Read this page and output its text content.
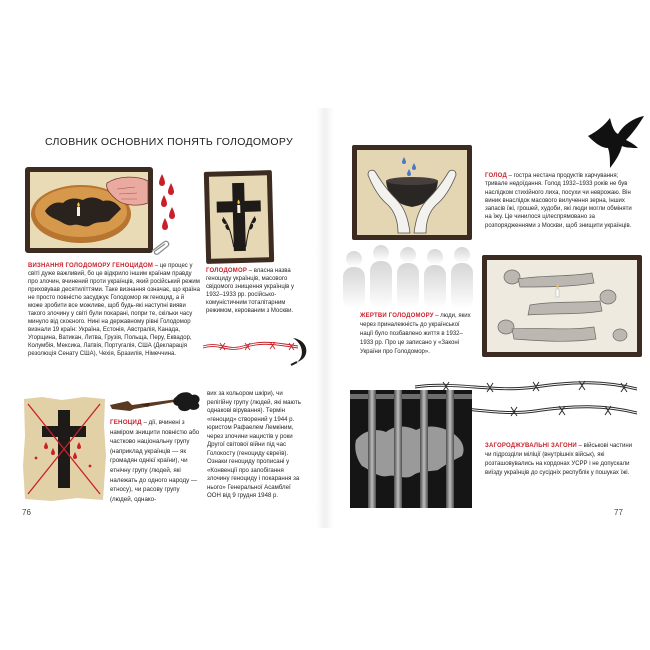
СЛОВНИК ОСНОВНИХ ПОНЯТЬ ГОЛОДОМОРУ
ВИЗНАННЯ ГОЛОДОМОРУ ГЕНОЦИДОМ – це процес у світі дуже важливий, бо це відкрило іншим країнам правду про злочин, вчинений проти українців, який російський режим приховував десятиліттями. Таке визнання означає, що країна не просто повністю засуджує Голодомор як геноцид, а й може зробити все можливе, щоб будь-які наступні вияви такого злочину у світі були покарані, попри те, скільки часу минуло від скоєного. Нині на державному рівні Голодомор визнали 19 країн: Україна, Естонія, Австралія, Канада, Угорщина, Ватикан, Литва, Грузія, Польща, Перу, Еквадор, Колумбія, Мексика, Латвія, Португалія, США (Декларація резолюція Сенату США), Чехія, Бразилія, Німеччина.
ГОЛОДОМОР – власна назва геноциду українців, масового свідомого знищення українців у 1932–1933 рр. російсько-комуністичним тоталітарним режимом, керованим з Москви.
ГЕНОЦИД – дії, вчинені з наміром знищити повністю або частково національну групу (наприклад українців — як громадян однієї країни), чи етнічну групу (людей, які належать до одного народу — етносу), чи расову групу (людей, однако-
вих за кольором шкіри), чи релігійну групу (людей, які мають однакові вірування). Термін «геноцид» створений у 1944 р. юристом Рафаелем Лемкіним, через злочини нацистів у роки Другої світової війни під час Голокосту (геноциду євреїв). Ознаки геноциду прописані у «Конвенції про запобігання злочину геноциду і покарання за нього» Генеральної Асамблеї ООН від 9 грудня 1948 р.
76
ГОЛОД – гостра нестача продуктів харчування; тривале недоїдання. Голод 1932–1933 років не був наслідком стихійного лиха, посухи чи неврожаю. Він виник внаслідок масового вилучення зерна, інших запасів їжі, грошей, худоби, які люди могли обміняти на їжу. Це чинилося цілеспрямовано за розпорядженнями з Москви, щоб знищити українців.
ЖЕРТВИ ГОЛОДОМОРУ – люди, яких через приналежність до української нації було позбавлено життя в 1932–1933 рр. Про це записано у «Законі України про Голодомор».
ЗАГОРОДЖУВАЛЬНІ ЗАГОНИ – військові частини чи підрозділи міліції (внутрішніх військ), які розташовувались на кордонах УСРР і не допускали виїзду українців до сусідніх республік у пошуках їжі.
77
